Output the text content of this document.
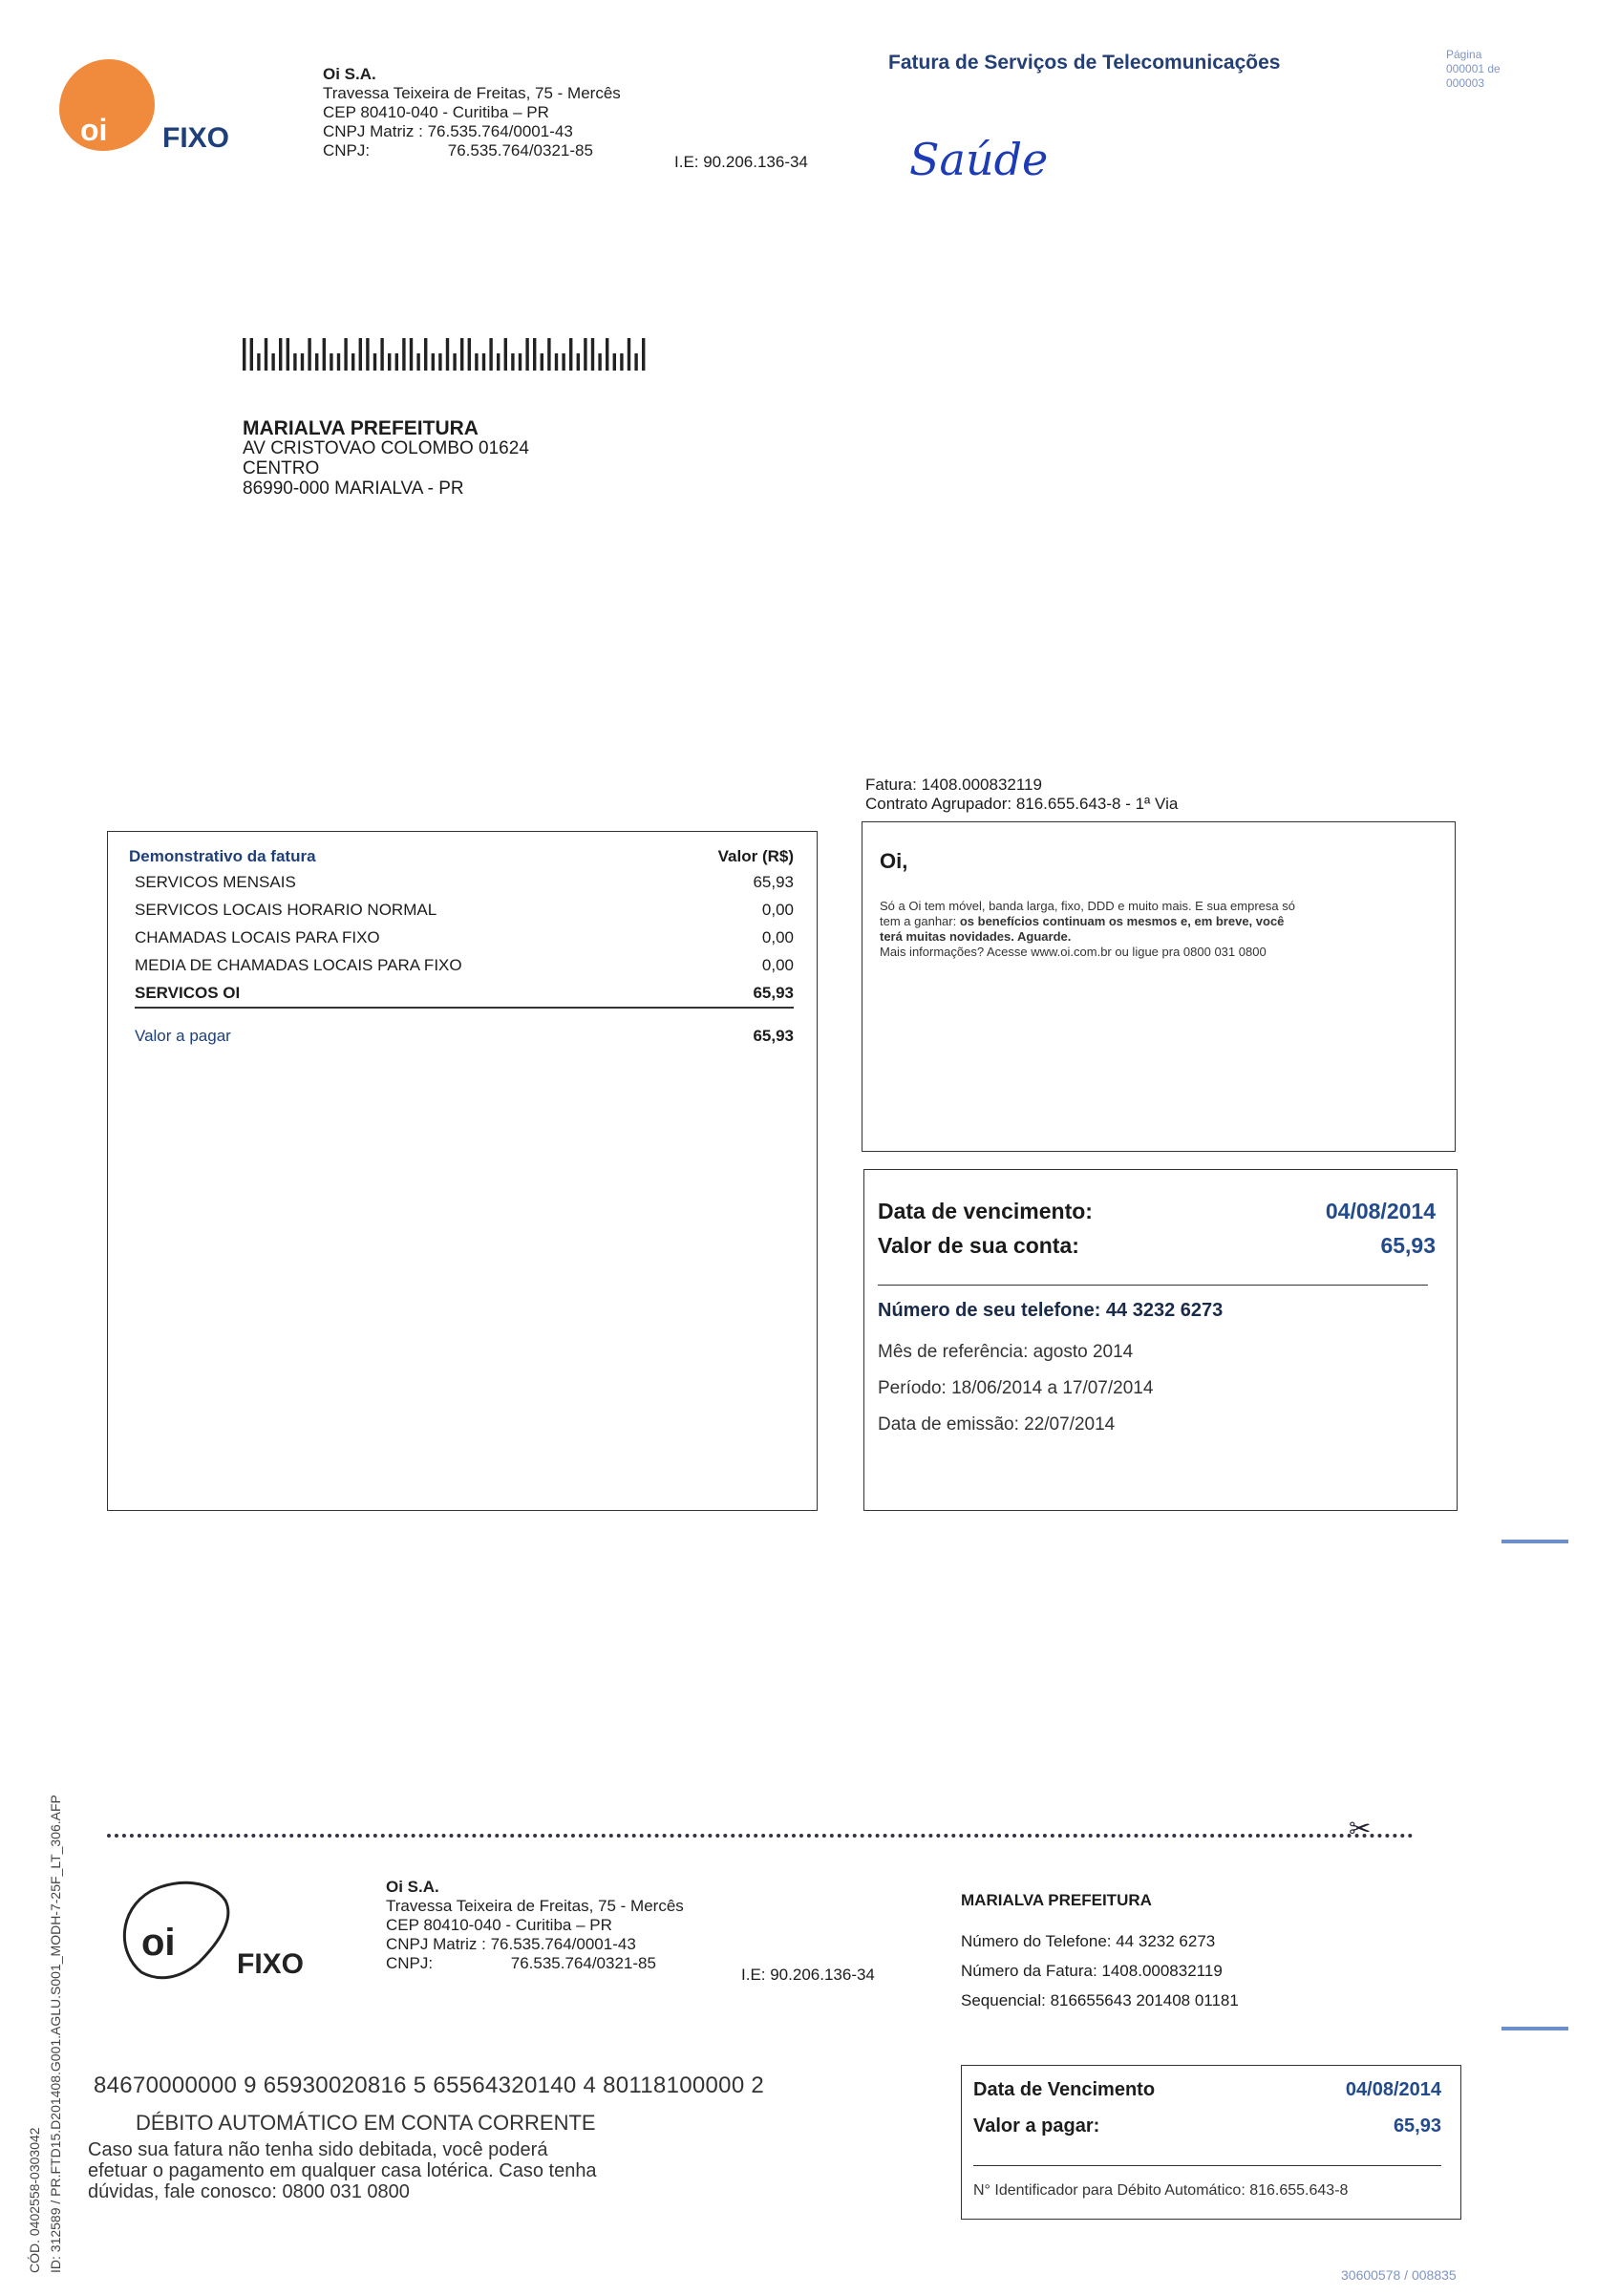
oi FIXO
Oi S.A.
Travessa Teixeira de Freitas, 75 - Mercês
CEP 80410-040 - Curitiba – PR
CNPJ Matriz : 76.535.764/0001-43
CNPJ:	76.535.764/0321-85
I.E: 90.206.136-34
Fatura de Serviços de Telecomunicações	Página
000001 de
000003
Saúde
MARIALVA PREFEITURA
AV CRISTOVAO COLOMBO 01624
CENTRO
86990-000 MARIALVA - PR
Fatura: 1408.000832119
Contrato Agrupador: 816.655.643-8 - 1ª Via
Demonstrativo da fatura	Valor (R$)
SERVICOS MENSAIS	65,93
SERVICOS LOCAIS HORARIO NORMAL	0,00
CHAMADAS LOCAIS PARA FIXO	0,00
MEDIA DE CHAMADAS LOCAIS PARA FIXO	0,00
SERVICOS OI	65,93
Valor a pagar	65,93
Oi,
Só a Oi tem móvel, banda larga, fixo, DDD e muito mais. E sua empresa só
tem a ganhar: os benefícios continuam os mesmos e, em breve, você
terá muitas novidades. Aguarde.
Mais informações? Acesse www.oi.com.br ou ligue pra 0800 031 0800
Data de vencimento:	04/08/2014
Valor de sua conta:	65,93
Número de seu telefone: 44 3232 6273
Mês de referência: agosto 2014
Período: 18/06/2014 a 17/07/2014
Data de emissão: 22/07/2014
ID: 312589 / PR.FTD15.D201408.G001.AGLU.S001_MODH-7-25F_LT_306.AFP
CÓD. 0402558-0303042
✂
oi
FIXO
Oi S.A.
Travessa Teixeira de Freitas, 75 - Mercês
CEP 80410-040 - Curitiba – PR
CNPJ Matriz : 76.535.764/0001-43
CNPJ:	76.535.764/0321-85
I.E: 90.206.136-34
MARIALVA PREFEITURA
Número do Telefone: 44 3232 6273
Número da Fatura: 1408.000832119
Sequencial: 816655643 201408 01181
84670000000 9 65930020816 5 65564320140 4 80118100000 2
DÉBITO AUTOMÁTICO EM CONTA CORRENTE
Caso sua fatura não tenha sido debitada, você poderá
efetuar o pagamento em qualquer casa lotérica. Caso tenha
dúvidas, fale conosco: 0800 031 0800
Data de Vencimento	04/08/2014
Valor a pagar:	65,93
N° Identificador para Débito Automático: 816.655.643-8
30600578 / 008835
